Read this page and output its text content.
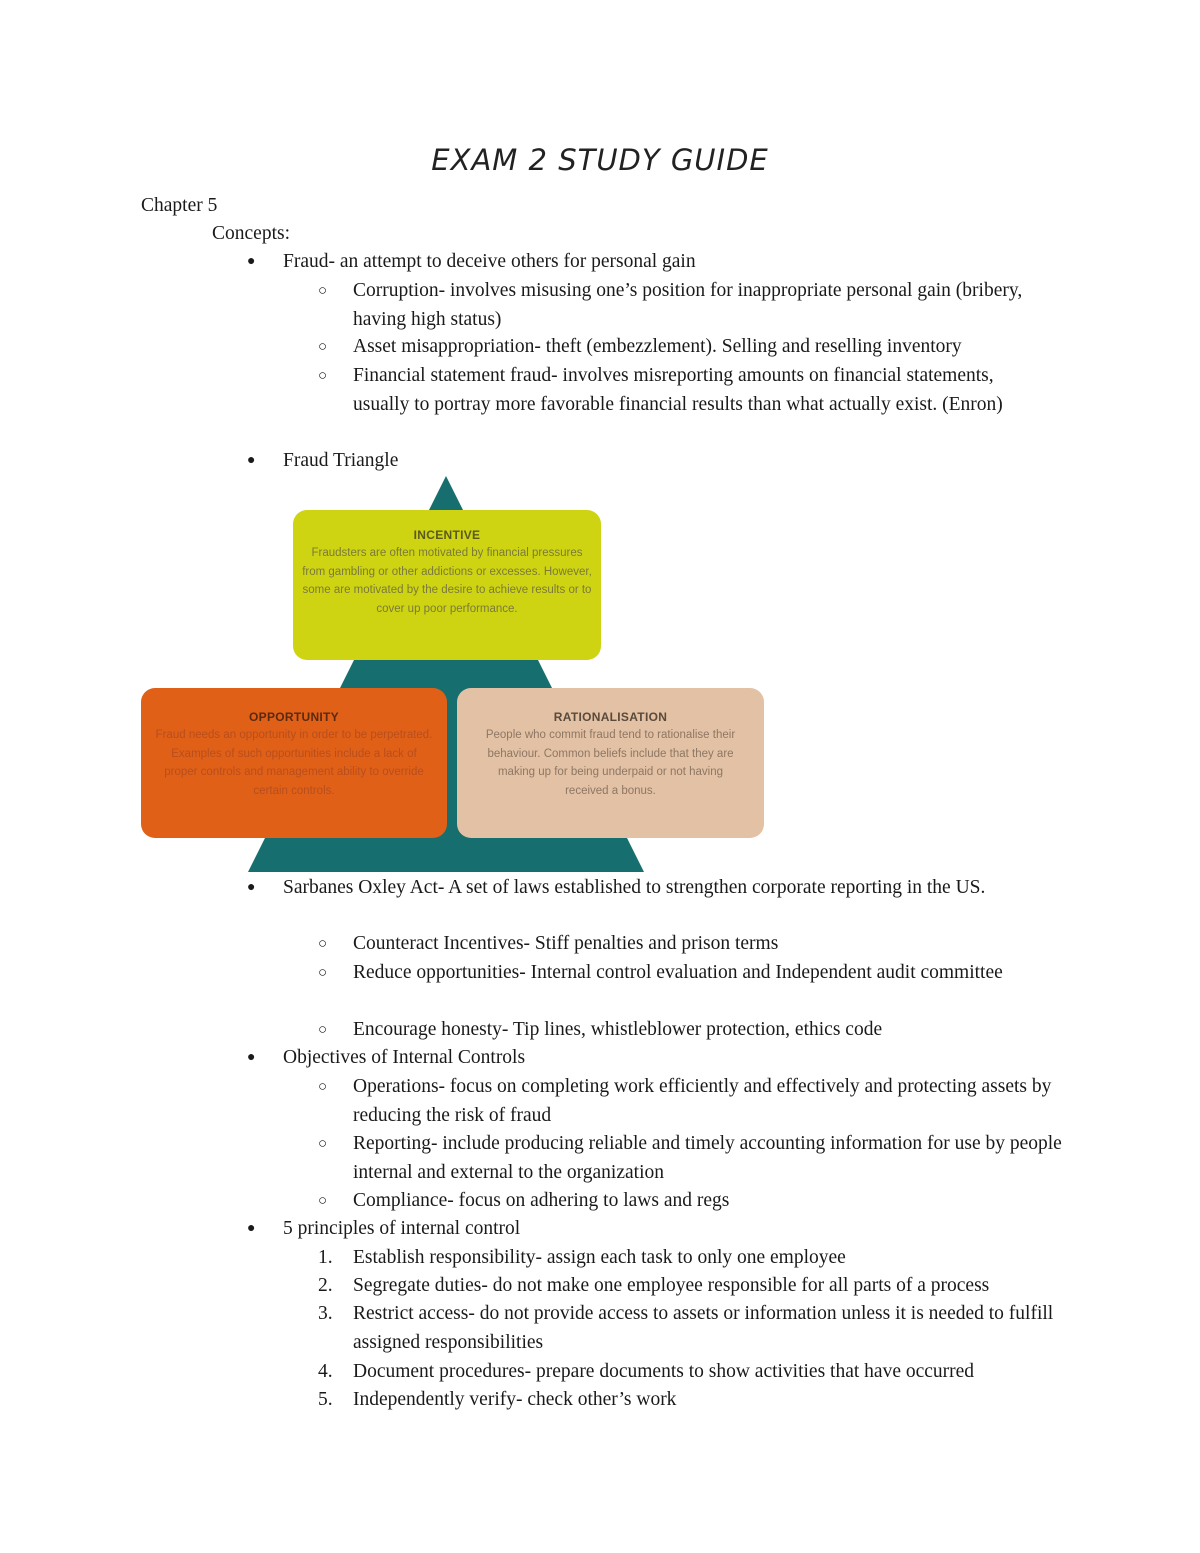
EXAM 2 STUDY GUIDE
Chapter 5
Concepts:
● Fraud- an attempt to deceive others for personal gain
○ Corruption- involves misusing one’s position for inappropriate personal gain (bribery, having high status)
○ Asset misappropriation- theft (embezzlement). Selling and reselling inventory
○ Financial statement fraud- involves misreporting amounts on financial statements, usually to portray more favorable financial results than what actually exist. (Enron)
● Fraud Triangle
INCENTIVE
Fraudsters are often motivated by financial pressures from gambling or other addictions or excesses. However, some are motivated by the desire to achieve results or to cover up poor performance.
OPPORTUNITY
Fraud needs an opportunity in order to be perpetrated. Examples of such opportunities include a lack of proper controls and management ability to override certain controls.
RATIONALISATION
People who commit fraud tend to rationalise their behaviour. Common beliefs include that they are making up for being underpaid or not having received a bonus.
● Sarbanes Oxley Act- A set of laws established to strengthen corporate reporting in the US.
○ Counteract Incentives- Stiff penalties and prison terms
○ Reduce opportunities- Internal control evaluation and Independent audit committee
○ Encourage honesty- Tip lines, whistleblower protection, ethics code
● Objectives of Internal Controls
○ Operations- focus on completing work efficiently and effectively and protecting assets by reducing the risk of fraud
○ Reporting- include producing reliable and timely accounting information for use by people internal and external to the organization
○ Compliance- focus on adhering to laws and regs
● 5 principles of internal control
1. Establish responsibility- assign each task to only one employee
2. Segregate duties- do not make one employee responsible for all parts of a process
3. Restrict access- do not provide access to assets or information unless it is needed to fulfill assigned responsibilities
4. Document procedures- prepare documents to show activities that have occurred
5. Independently verify- check other’s work
